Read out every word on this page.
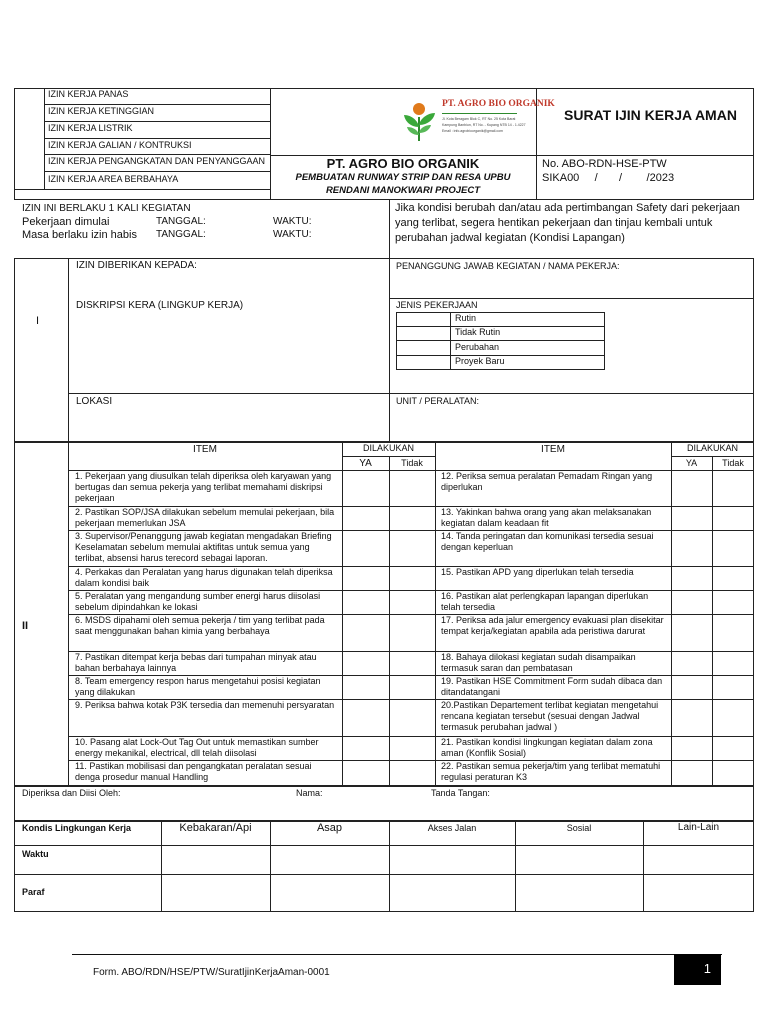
IZIN KERJA PANAS
IZIN KERJA KETINGGIAN
IZIN KERJA LISTRIK
IZIN KERJA GALIAN / KONTRUKSI
IZIN KERJA PENGANGKATAN DAN PENYANGGAAN
IZIN KERJA AREA BERBAHAYA
PT. AGRO BIO ORGANIK
Jl. Kota Beragam Blok C, RT No. 25 Kota Barat
Kampung Banbiun, RT No. - Kupang NTB 14 - 1.4227
Email : info.agrobioorganik@gmail.com
SURAT IJIN KERJA AMAN
PT. AGRO BIO ORGANIK
PEMBUATAN RUNWAY STRIP DAN RESA UPBU
RENDANI MANOKWARI PROJECT
No. ABO-RDN-HSE-PTW
SIKA00     /       /        /2023
IZIN INI BERLAKU 1 KALI KEGIATAN
Pekerjaan dimulai	TANGGAL:	WAKTU:
Masa berlaku izin habis TANGGAL:	WAKTU:
Jika kondisi berubah dan/atau ada pertimbangan Safety dari pekerjaan yang terlibat, segera hentikan pekerjaan dan tinjau kembali untuk perubahan jadwal kegiatan (Kondisi Lapangan)
I
IZIN DIBERIKAN KEPADA:	PENANGGUNG JAWAB KEGIATAN / NAMA PEKERJA:
DISKRIPSI KERA (LINGKUP KERJA)	JENIS PEKERJAAN
Rutin
Tidak Rutin
Perubahan
Proyek Baru
LOKASI	UNIT / PERALATAN:
II
ITEM	DILAKUKAN
YA	Tidak
ITEM	DILAKUKAN
YA	Tidak
1. Pekerjaan yang diusulkan telah diperiksa oleh karyawan yang bertugas dan semua pekerja yang terlibat memahami diskripsi pekerjaan
2. Pastikan SOP/JSA dilakukan sebelum memulai pekerjaan, bila pekerjaan memerlukan JSA
3. Supervisor/Penanggung jawab kegiatan mengadakan Briefing Keselamatan sebelum memulai aktifitas untuk semua yang terlibat, absensi harus terecord sebagai laporan.
4. Perkakas dan Peralatan yang harus digunakan telah diperiksa dalam kondisi baik
5. Peralatan yang mengandung sumber energi harus diisolasi sebelum dipindahkan ke lokasi
6. MSDS dipahami oleh semua pekerja / tim yang terlibat pada saat menggunakan bahan kimia yang berbahaya
7. Pastikan ditempat kerja bebas dari tumpahan minyak atau bahan berbahaya lainnya
8. Team emergency respon harus mengetahui posisi kegiatan yang dilakukan
9. Periksa bahwa kotak P3K tersedia dan memenuhi persyaratan
10. Pasang alat Lock-Out Tag Out untuk memastikan sumber energy mekanikal, electrical, dll telah diisolasi
11. Pastikan mobilisasi dan pengangkatan peralatan sesuai denga prosedur manual Handling
12. Periksa semua peralatan Pemadam Ringan yang diperlukan
13. Yakinkan bahwa orang yang akan melaksanakan kegiatan dalam keadaan fit
14. Tanda peringatan dan komunikasi tersedia sesuai dengan keperluan
15. Pastikan APD yang diperlukan telah tersedia
16. Pastikan alat perlengkapan lapangan diperlukan telah tersedia
17. Periksa ada jalur emergency evakuasi plan disekitar tempat kerja/kegiatan apabila ada peristiwa darurat
18. Bahaya dilokasi kegiatan sudah disampaikan termasuk saran dan pembatasan
19. Pastikan HSE Commitment Form sudah dibaca dan ditandatangani
20.Pastikan Departement terlibat kegiatan mengetahui rencana kegiatan tersebut (sesuai dengan Jadwal termasuk perubahan jadwal )
21. Pastikan kondisi lingkungan kegiatan dalam zona aman (Konflik Sosial)
22. Pastikan semua pekerja/tim yang terlibat mematuhi regulasi peraturan K3
Diperiksa dan Diisi Oleh:	Nama:	Tanda Tangan:
Kondis Lingkungan Kerja	Kebakaran/Api	Asap	Akses Jalan	Sosial	Lain-Lain
Waktu
Paraf
Form. ABO/RDN/HSE/PTW/SuratIjinKerjaAman-0001	1
